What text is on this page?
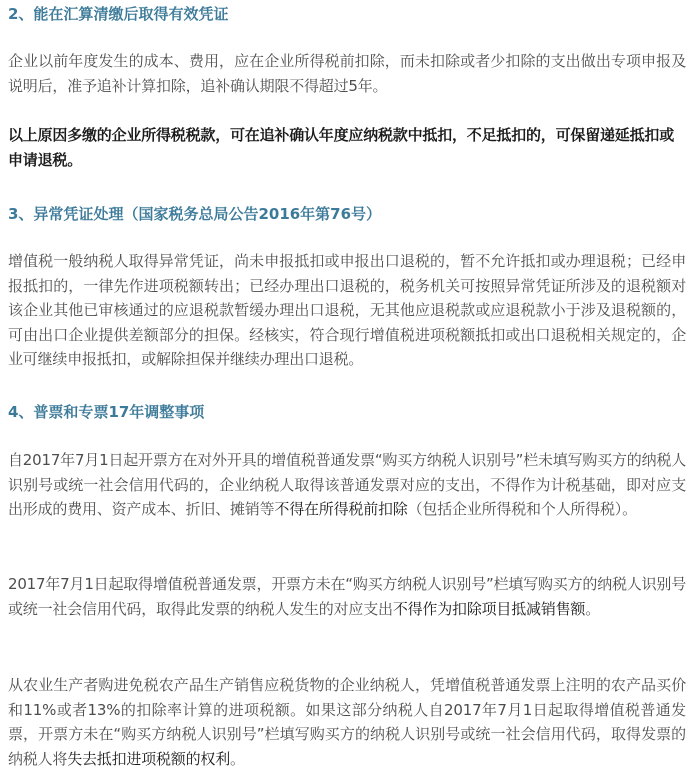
2、能在汇算清缴后取得有效凭证

企业以前年度发生的成本、费用，应在企业所得税前扣除，而未扣除或者少扣除的支出做出专项申报及说明后，准予追补计算扣除，追补确认期限不得超过5年。

以上原因多缴的企业所得税税款，可在追补确认年度应纳税款中抵扣，不足抵扣的，可保留递延抵扣或申请退税。

3、异常凭证处理（国家税务总局公告2016年第76号）

增值税一般纳税人取得异常凭证，尚未申报抵扣或申报出口退税的，暂不允许抵扣或办理退税；已经申报抵扣的，一律先作进项税额转出；已经办理出口退税的，税务机关可按照异常凭证所涉及的退税额对该企业其他已审核通过的应退税款暂缓办理出口退税，无其他应退税款或应退税款小于涉及退税额的，可由出口企业提供差额部分的担保。经核实，符合现行增值税进项税额抵扣或出口退税相关规定的，企业可继续申报抵扣，或解除担保并继续办理出口退税。

4、普票和专票17年调整事项

自2017年7月1日起开票方在对外开具的增值税普通发票“购买方纳税人识别号”栏未填写购买方的纳税人识别号或统一社会信用代码的，企业纳税人取得该普通发票对应的支出，不得作为计税基础，即对应支出形成的费用、资产成本、折旧、摊销等不得在所得税前扣除（包括企业所得税和个人所得税）。

2017年7月1日起取得增值税普通发票，开票方未在“购买方纳税人识别号”栏填写购买方的纳税人识别号或统一社会信用代码，取得此发票的纳税人发生的对应支出不得作为扣除项目抵减销售额。

从农业生产者购进免税农产品生产销售应税货物的企业纳税人，凭增值税普通发票上注明的农产品买价和11%或者13%的扣除率计算的进项税额。如果这部分纳税人自2017年7月1日起取得增值税普通发票，开票方未在“购买方纳税人识别号”栏填写购买方的纳税人识别号或统一社会信用代码，取得发票的纳税人将失去抵扣进项税额的权利。
